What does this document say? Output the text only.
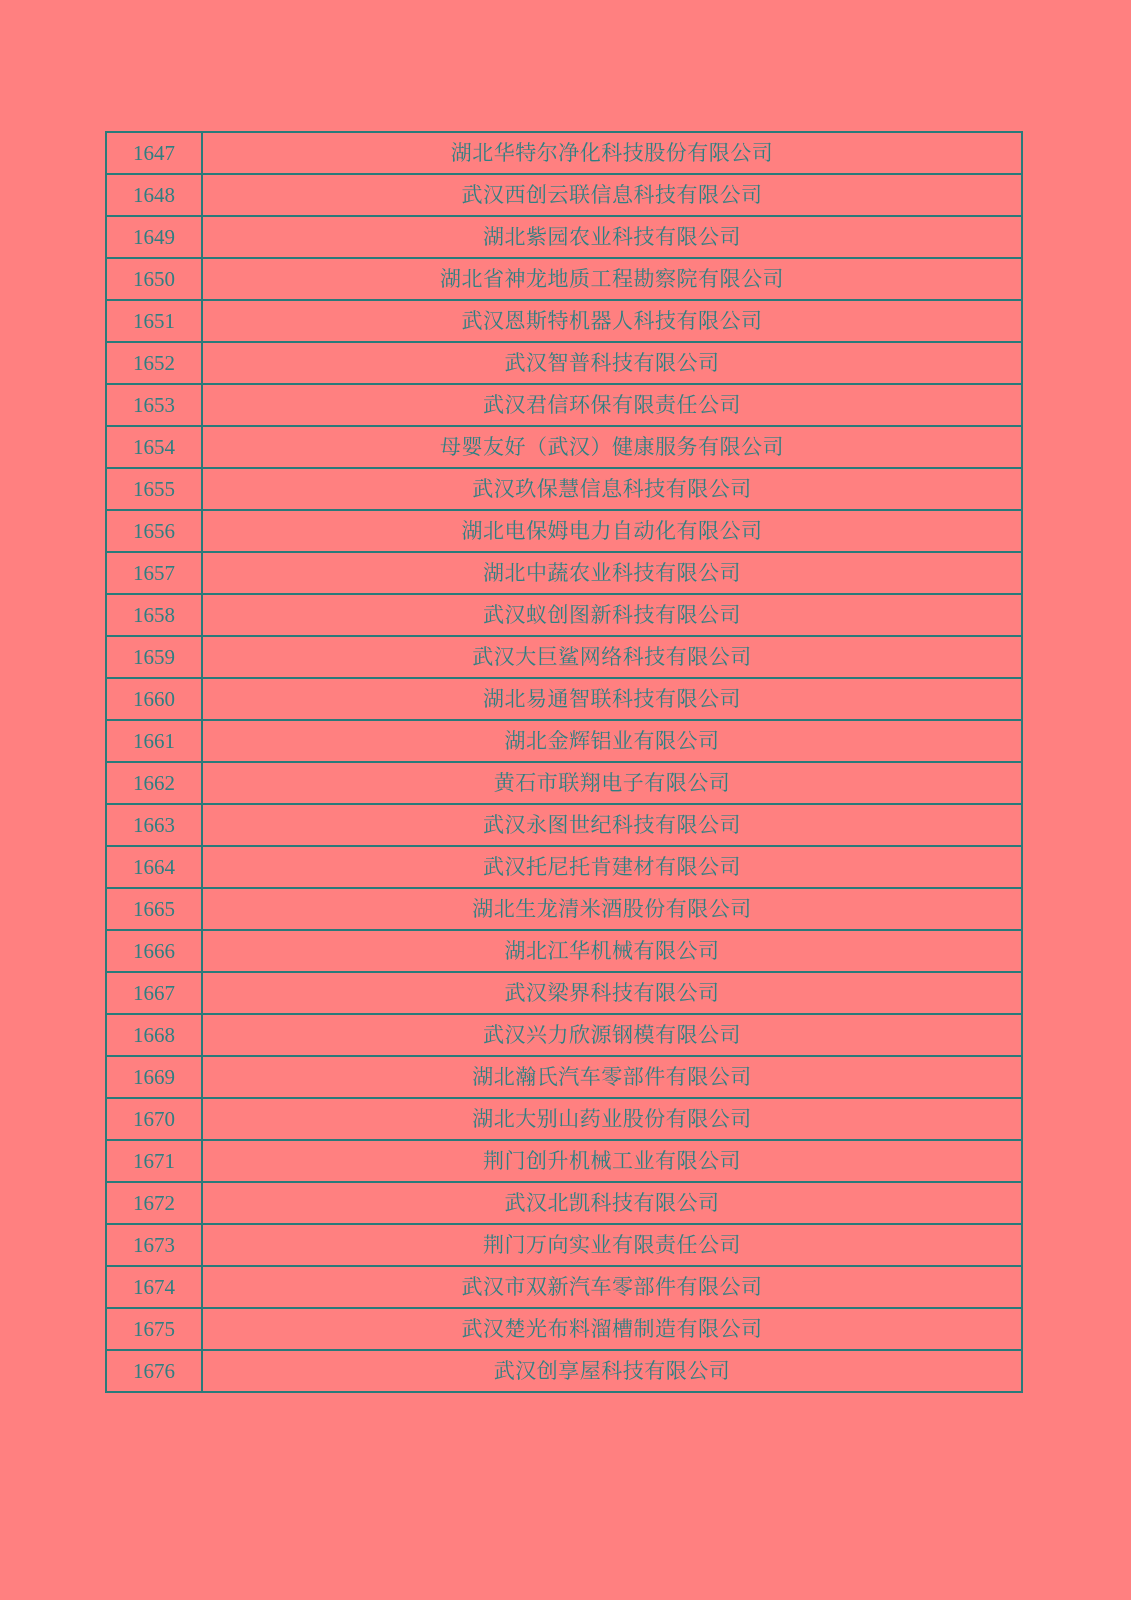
1647	湖北华特尔净化科技股份有限公司
1648	武汉西创云联信息科技有限公司
1649	湖北紫园农业科技有限公司
1650	湖北省神龙地质工程勘察院有限公司
1651	武汉恩斯特机器人科技有限公司
1652	武汉智普科技有限公司
1653	武汉君信环保有限责任公司
1654	母婴友好（武汉）健康服务有限公司
1655	武汉玖保慧信息科技有限公司
1656	湖北电保姆电力自动化有限公司
1657	湖北中蔬农业科技有限公司
1658	武汉蚁创图新科技有限公司
1659	武汉大巨鲨网络科技有限公司
1660	湖北易通智联科技有限公司
1661	湖北金辉铝业有限公司
1662	黄石市联翔电子有限公司
1663	武汉永图世纪科技有限公司
1664	武汉托尼托肯建材有限公司
1665	湖北生龙清米酒股份有限公司
1666	湖北江华机械有限公司
1667	武汉梁界科技有限公司
1668	武汉兴力欣源钢模有限公司
1669	湖北瀚氏汽车零部件有限公司
1670	湖北大别山药业股份有限公司
1671	荆门创升机械工业有限公司
1672	武汉北凯科技有限公司
1673	荆门万向实业有限责任公司
1674	武汉市双新汽车零部件有限公司
1675	武汉楚光布料溜槽制造有限公司
1676	武汉创享屋科技有限公司
